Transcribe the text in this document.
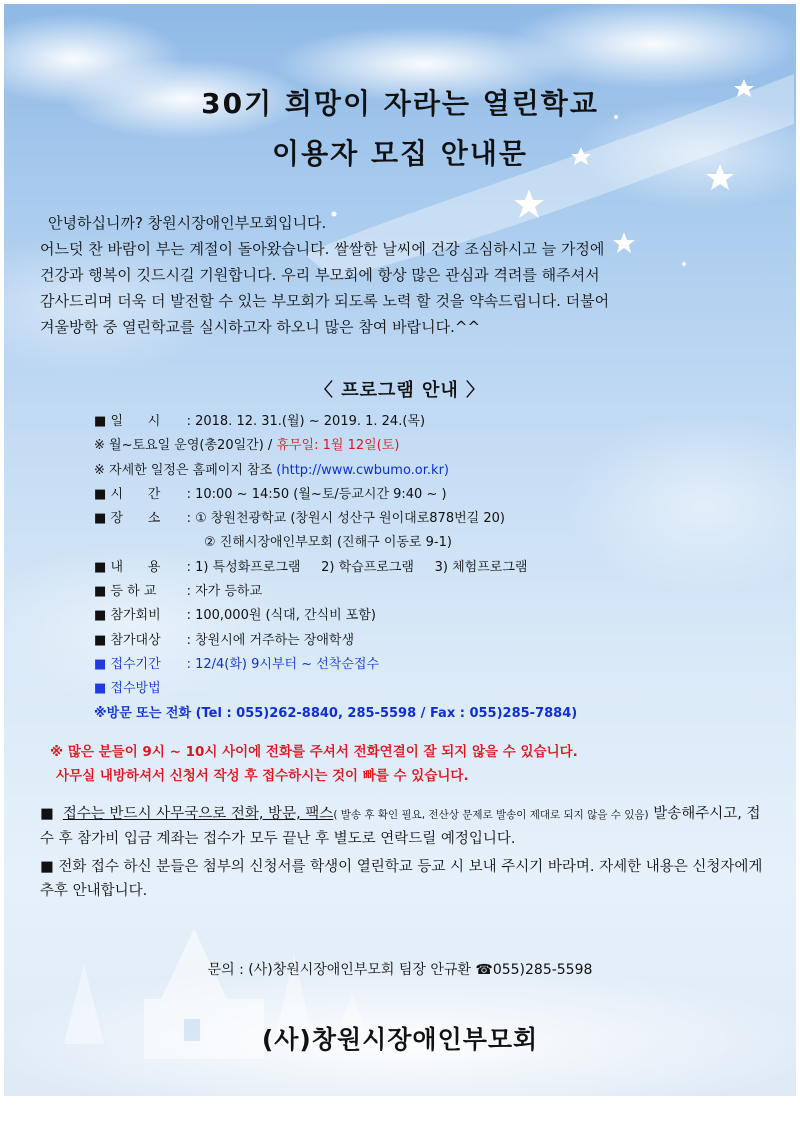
30기 희망이 자라는 열린학교
이용자 모집 안내문
안녕하십니까? 창원시장애인부모회입니다.
어느덧 찬 바람이 부는 계절이 돌아왔습니다. 쌀쌀한 날씨에 건강 조심하시고 늘 가정에
건강과 행복이 깃드시길 기원합니다. 우리 부모회에 항상 많은 관심과 격려를 해주셔서
감사드리며 더욱 더 발전할 수 있는 부모회가 되도록 노력 할 것을 약속드립니다. 더불어
겨울방학 중 열린학교를 실시하고자 하오니 많은 참여 바랍니다.^^
〈 프로그램 안내 〉
■ 일      시 : 2018. 12. 31.(월) ~ 2019. 1. 24.(목)
※ 월~토요일 운영(총20일간) / 휴무일: 1월 12일(토)
※ 자세한 일정은 홈페이지 참조 (http://www.cwbumo.or.kr)
■ 시      간 : 10:00 ~ 14:50 (월~토/등교시간 9:40 ~ )
■ 장      소 : ① 창원천광학교 (창원시 성산구 원이대로878번길 20)
② 진해시장애인부모회 (진해구 이동로 9-1)
■ 내      용 : 1) 특성화프로그램     2) 학습프로그램     3) 체험프로그램
■ 등 하 교 : 자가 등하교
■ 참가회비 : 100,000원 (식대, 간식비 포함)
■ 참가대상 : 창원시에 거주하는 장애학생
■ 접수기간 : 12/4(화) 9시부터 ~ 선착순접수
■ 접수방법
※방문 또는 전화 (Tel : 055)262-8840, 285-5598 / Fax : 055)285-7884)
※ 많은 분들이 9시 ~ 10시 사이에 전화를 주셔서 전화연결이 잘 되지 않을 수 있습니다.
사무실 내방하셔서 신청서 작성 후 접수하시는 것이 빠를 수 있습니다.
■ 접수는 반드시 사무국으로 전화, 방문, 팩스( 발송 후 확인 필요, 전산상 문제로 발송이 제대로 되지 않을 수 있음) 발송해주시고, 접수 후 참가비 입금 계좌는 접수가 모두 끝난 후 별도로 연락드릴 예정입니다.
■ 전화 접수 하신 분들은 첨부의 신청서를 학생이 열린학교 등교 시 보내 주시기 바라며. 자세한 내용은 신청자에게 추후 안내합니다.
문의 : (사)창원시장애인부모회 팀장 안규환 ☎055)285-5598
(사)창원시장애인부모회
